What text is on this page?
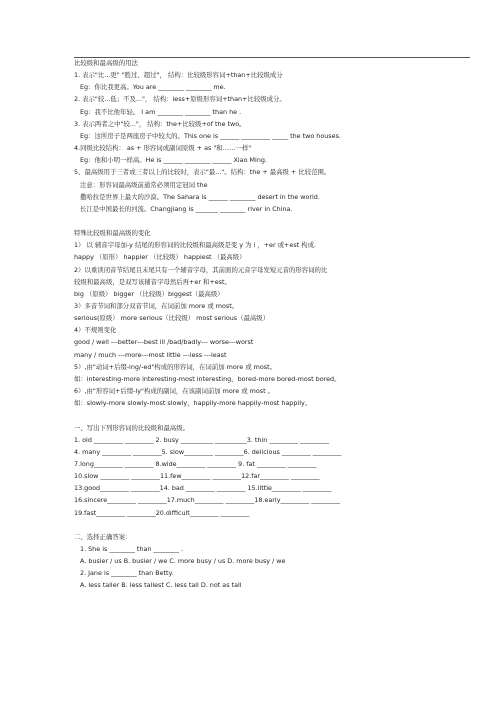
比较级和最高级的用法
1. 表示"比...更" "胜过、超过"， 结构：比较级形容词+than+比较级成分
Eg：你比我更高。You are ________ ________ me.
2. 表示"较...低；不及..."， 结构：less+原级形容词+than+比较级成分。
Eg：我不比他年轻。 I am ________ ________ than he .
3. 表示两者之中"较..."， 结构：the+比较级+of the two。
Eg：这所房子是两座房子中较大的。This one is ______ _________ _____ the two houses.
4.同级比较结构： as + 形容词或副词原级 + as "和……一样"
Eg：他和小明一样高。He is ______ ________ ______ Xiao Ming.
5、最高级用于三者或三者以上的比较时，表示"最..."。结构：the + 最高级 + 比较范围。
注意：形容词最高级前通常必须用定冠词 the
撒哈拉是世界上最大的沙漠。The Sahara is ______ ________ desert in the world.
长江是中国最长的河流。Changjiang is _______ ________ river in China.
特殊比较级和最高级的变化
1） 以 辅音字母加-y 结尾的形容词的比较级和最高级是变 y 为 i ，+er 或+est 构成.
happy （原形） happier （比较级） happiest （最高级）
2）以重读闭音节结尾且末尾只有一个辅音字母，其前面的元音字母发短元音的形容词的比
较级和最高级，是双写该辅音字母然后再+er 和+est。
big （原级） bigger （比较级）biggest（最高级）
3）多音节词和部分双音节词，在词前加 more 或 most。
serious(原级） more serious（比较级） most serious（最高级）
4）不规则变化
good / well ---better---best ill /bad/badly--- worse---worst
many / much ---more---most little ---less ---least
5）,由"动词+后缀-ing/-ed"构成的形容词，在词前加 more 或 most。
如：interesting-more interesting-most interesting，bored-more bored-most bored。
6）,由"形容词+后缀-ly"构成的副词，在该副词前加 more 或 most 。
如：slowly-more slowly-most slowly，happily-more happily-most happily。
一、写出下列形容词的比较级和最高级。
1. old _________ _________ 2. busy __________ __________3. thin _________ _________
4. many _________ _________5. slow_________ _________6. delicious _________ _________
7.long_________ _________ 8.wide_________ _________ 9. fat _________ _________
10.slow _________ _________11.few_________ _________12.far_________ _________
13.good_________ _________14. bad _________ _________ 15.little_________ _________
16.sincere_________ _________17.much_________ _________18.early_________ _________
19.fast_________ _________20.difficult_________ _________
二、选择正确答案：
1. She is ________ than ________ .
A. busier / us B. busier / we C. more busy / us D. more busy / we
2. Jane is ________ than Betty.
A. less taller B. less tallest C. less tall D. not as tall
